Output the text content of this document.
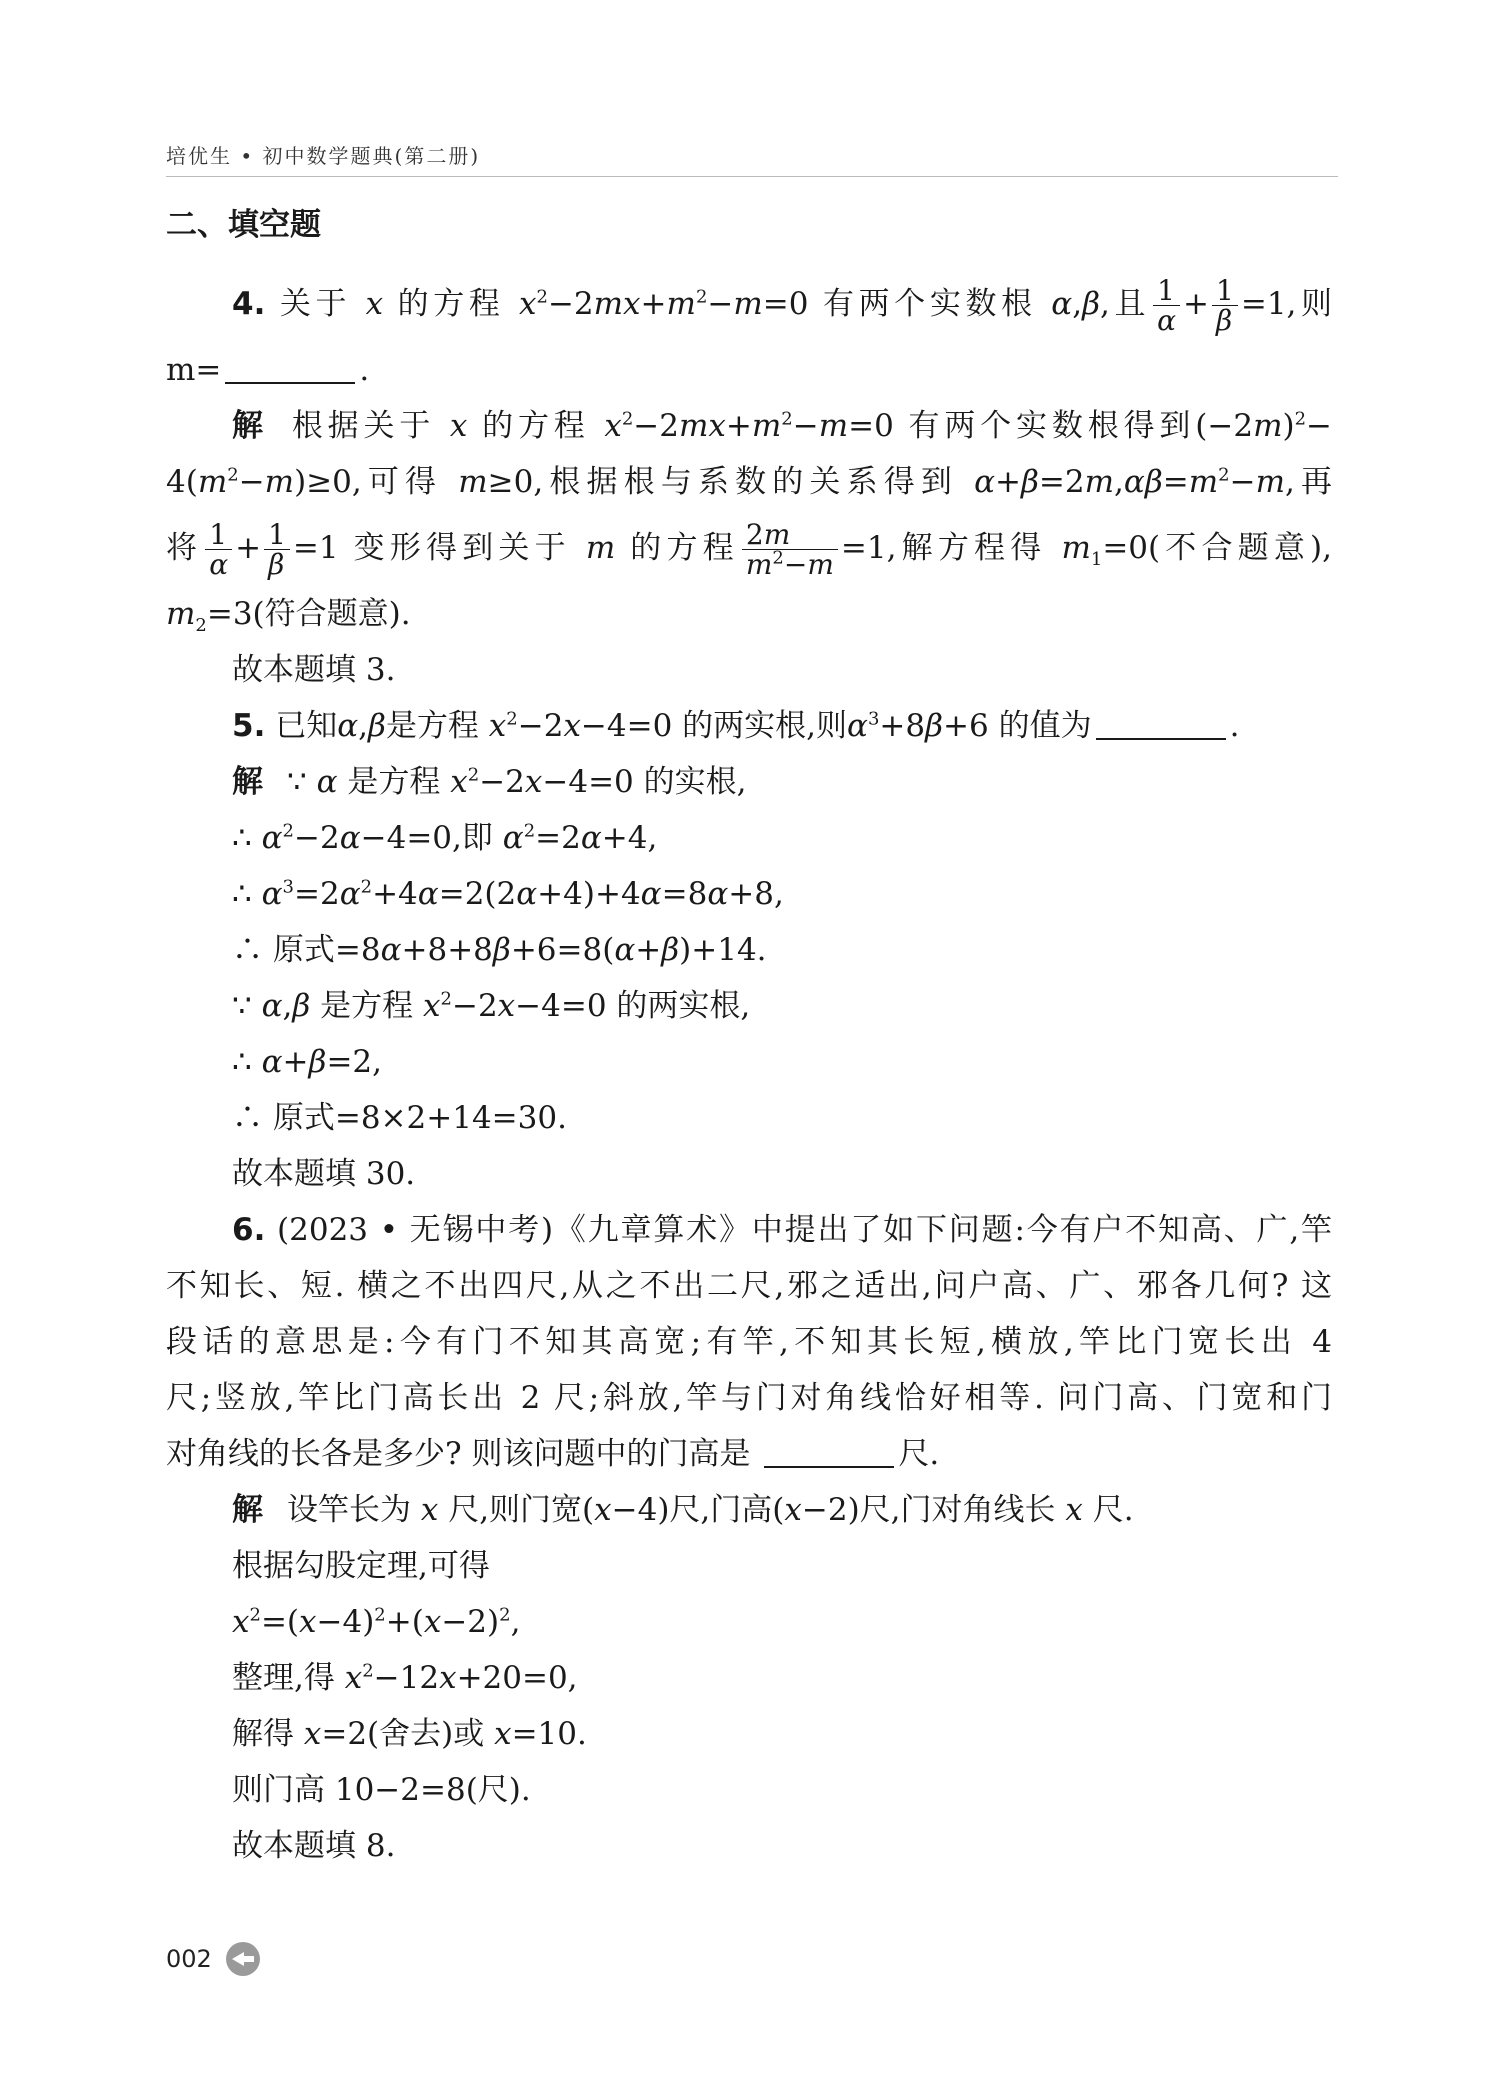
培优生 • 初中数学题典(第二册)
二、填空题
4. 关于 x 的方程 $x^2-2mx+m^2-m=0$ 有两个实数根 α,β,且 $\frac{1}{\alpha} + \frac{1}{\beta} =1$,则
m=	.
解 根据关于 x 的方程 $x^2-2mx+m^2-m=0$ 有两个实数根得到$(-2m)^2-$
$4(m^2-m)\ge 0$,可得 m≥0,根据根与系数的关系得到 $\alpha+\beta=2m,\alpha\beta=m^2-m$,再
将 $\frac{1}{\alpha} + \frac{1}{\beta} =1$ 变形得到关于 m 的方程 $\frac{2m}{m^2-m} =1$,解方程得 $m_1=0$(不合题意),
$m_2=3$(符合题意).
故本题填 3.
5. 已知α,β是方程 $x^2-2x-4=0$ 的两实根,则$\alpha^3+8\beta+6$ 的值为	.
解 ∵ α 是方程 $x^2-2x-4=0$ 的实根,
∴ $\alpha^2-2\alpha-4=0$,即 $\alpha^2=2\alpha+4$,
∴ $\alpha^3=2\alpha^2+4\alpha=2(2\alpha+4)+4\alpha=8\alpha+8$,
∴ 原式=8α+8+8β+6=8(α+β)+14.
∵ α,β 是方程 $x^2-2x-4=0$ 的两实根,
∴ α+β=2,
∴ 原式=8×2+14=30.
故本题填 30.
6. (2023 • 无锡中考)《九章算术》中提出了如下问题:今有户不知高、广,竿
不知长、短. 横之不出四尺,从之不出二尺,邪之适出,问户高、广、邪各几何? 这
段话的意思是:今有门不知其高宽;有竿,不知其长短,横放,竿比门宽长出 4
尺;竖放,竿比门高长出 2 尺;斜放,竿与门对角线恰好相等. 问门高、门宽和门
对角线的长各是多少? 则该问题中的门高是	尺.
解 设竿长为 x 尺,则门宽(x−4)尺,门高(x−2)尺,门对角线长 x 尺.
根据勾股定理,可得
$x^2=(x-4)^2+(x-2)^2$,
整理,得 $x^2-12x+20=0$,
解得 x=2(舍去)或 x=10.
则门高 10−2=8(尺).
故本题填 8.
002
